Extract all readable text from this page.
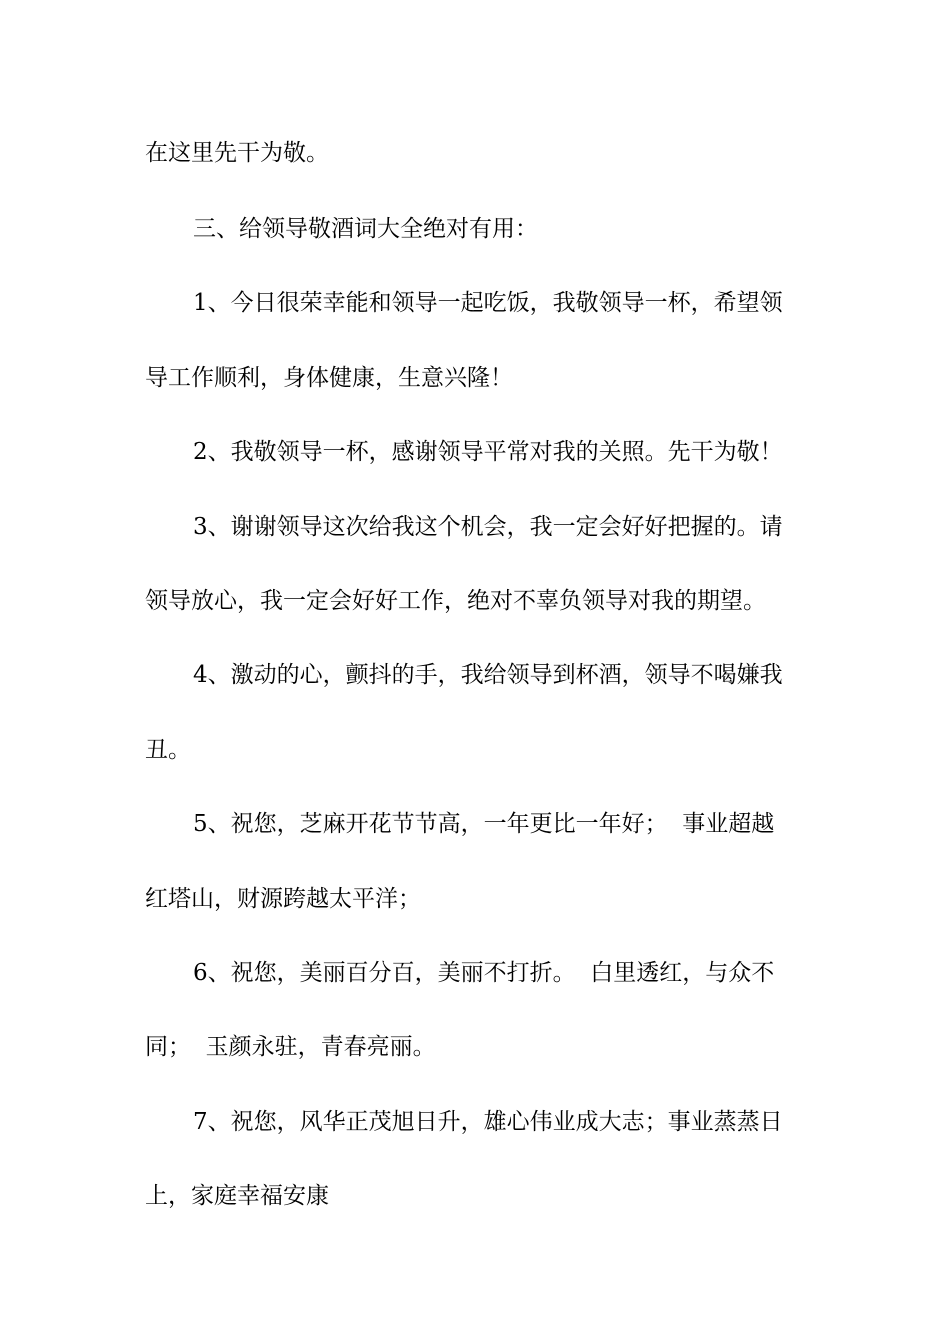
在这里先干为敬。
三、给领导敬酒词大全绝对有用：
1、今日很荣幸能和领导一起吃饭，我敬领导一杯，希望领
导工作顺利，身体健康，生意兴隆！
2、我敬领导一杯，感谢领导平常对我的关照。先干为敬！
3、谢谢领导这次给我这个机会，我一定会好好把握的。请
领导放心，我一定会好好工作，绝对不辜负领导对我的期望。
4、激动的心，颤抖的手，我给领导到杯酒，领导不喝嫌我
丑。
5、祝您，芝麻开花节节高，一年更比一年好；  事业超越
红塔山，财源跨越太平洋；
6、祝您，美丽百分百，美丽不打折。  白里透红，与众不
同；  玉颜永驻，青春亮丽。
7、祝您，风华正茂旭日升，雄心伟业成大志；事业蒸蒸日
上，家庭幸福安康
